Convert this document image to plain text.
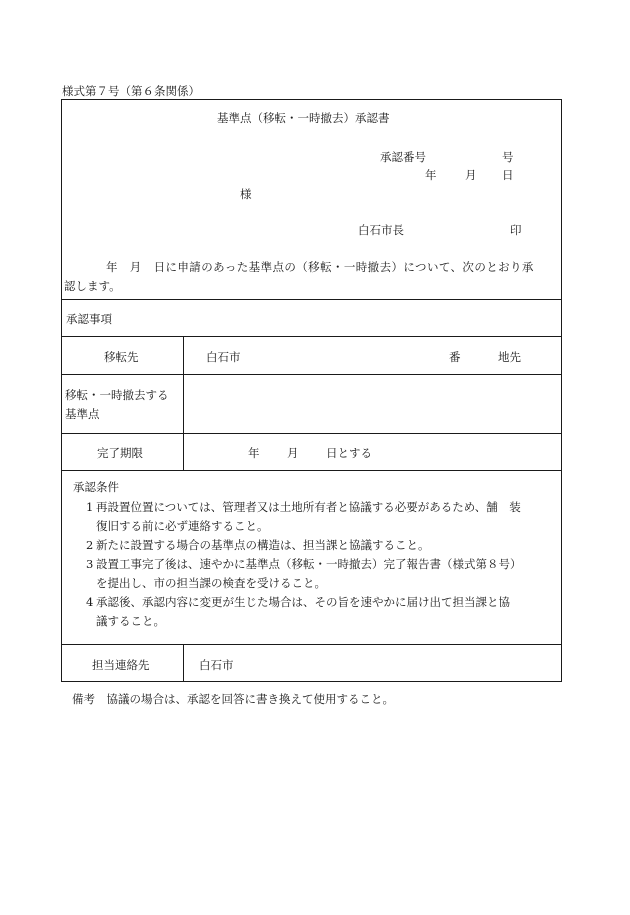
様式第７号（第６条関係）
基準点（移転・一時撤去）承認書
承認番号	号
年 月 日
様
白石市長	印
年　月　日に申請のあった基準点の（移転・一時撤去）について、次のとおり承
認します。
承認事項
移転先	白石市	番	地先
移転・一時撤去する
基準点
完了期限	年 月 日とする
承認条件
1 再設置位置については、管理者又は土地所有者と協議する必要があるため、舗　装
復旧する前に必ず連絡すること。
2 新たに設置する場合の基準点の構造は、担当課と協議すること。
3 設置工事完了後は、速やかに基準点（移転・一時撤去）完了報告書（様式第８号）
を提出し、市の担当課の検査を受けること。
4 承認後、承認内容に変更が生じた場合は、その旨を速やかに届け出て担当課と協
議すること。
担当連絡先	白石市
備考　協議の場合は、承認を回答に書き換えて使用すること。
